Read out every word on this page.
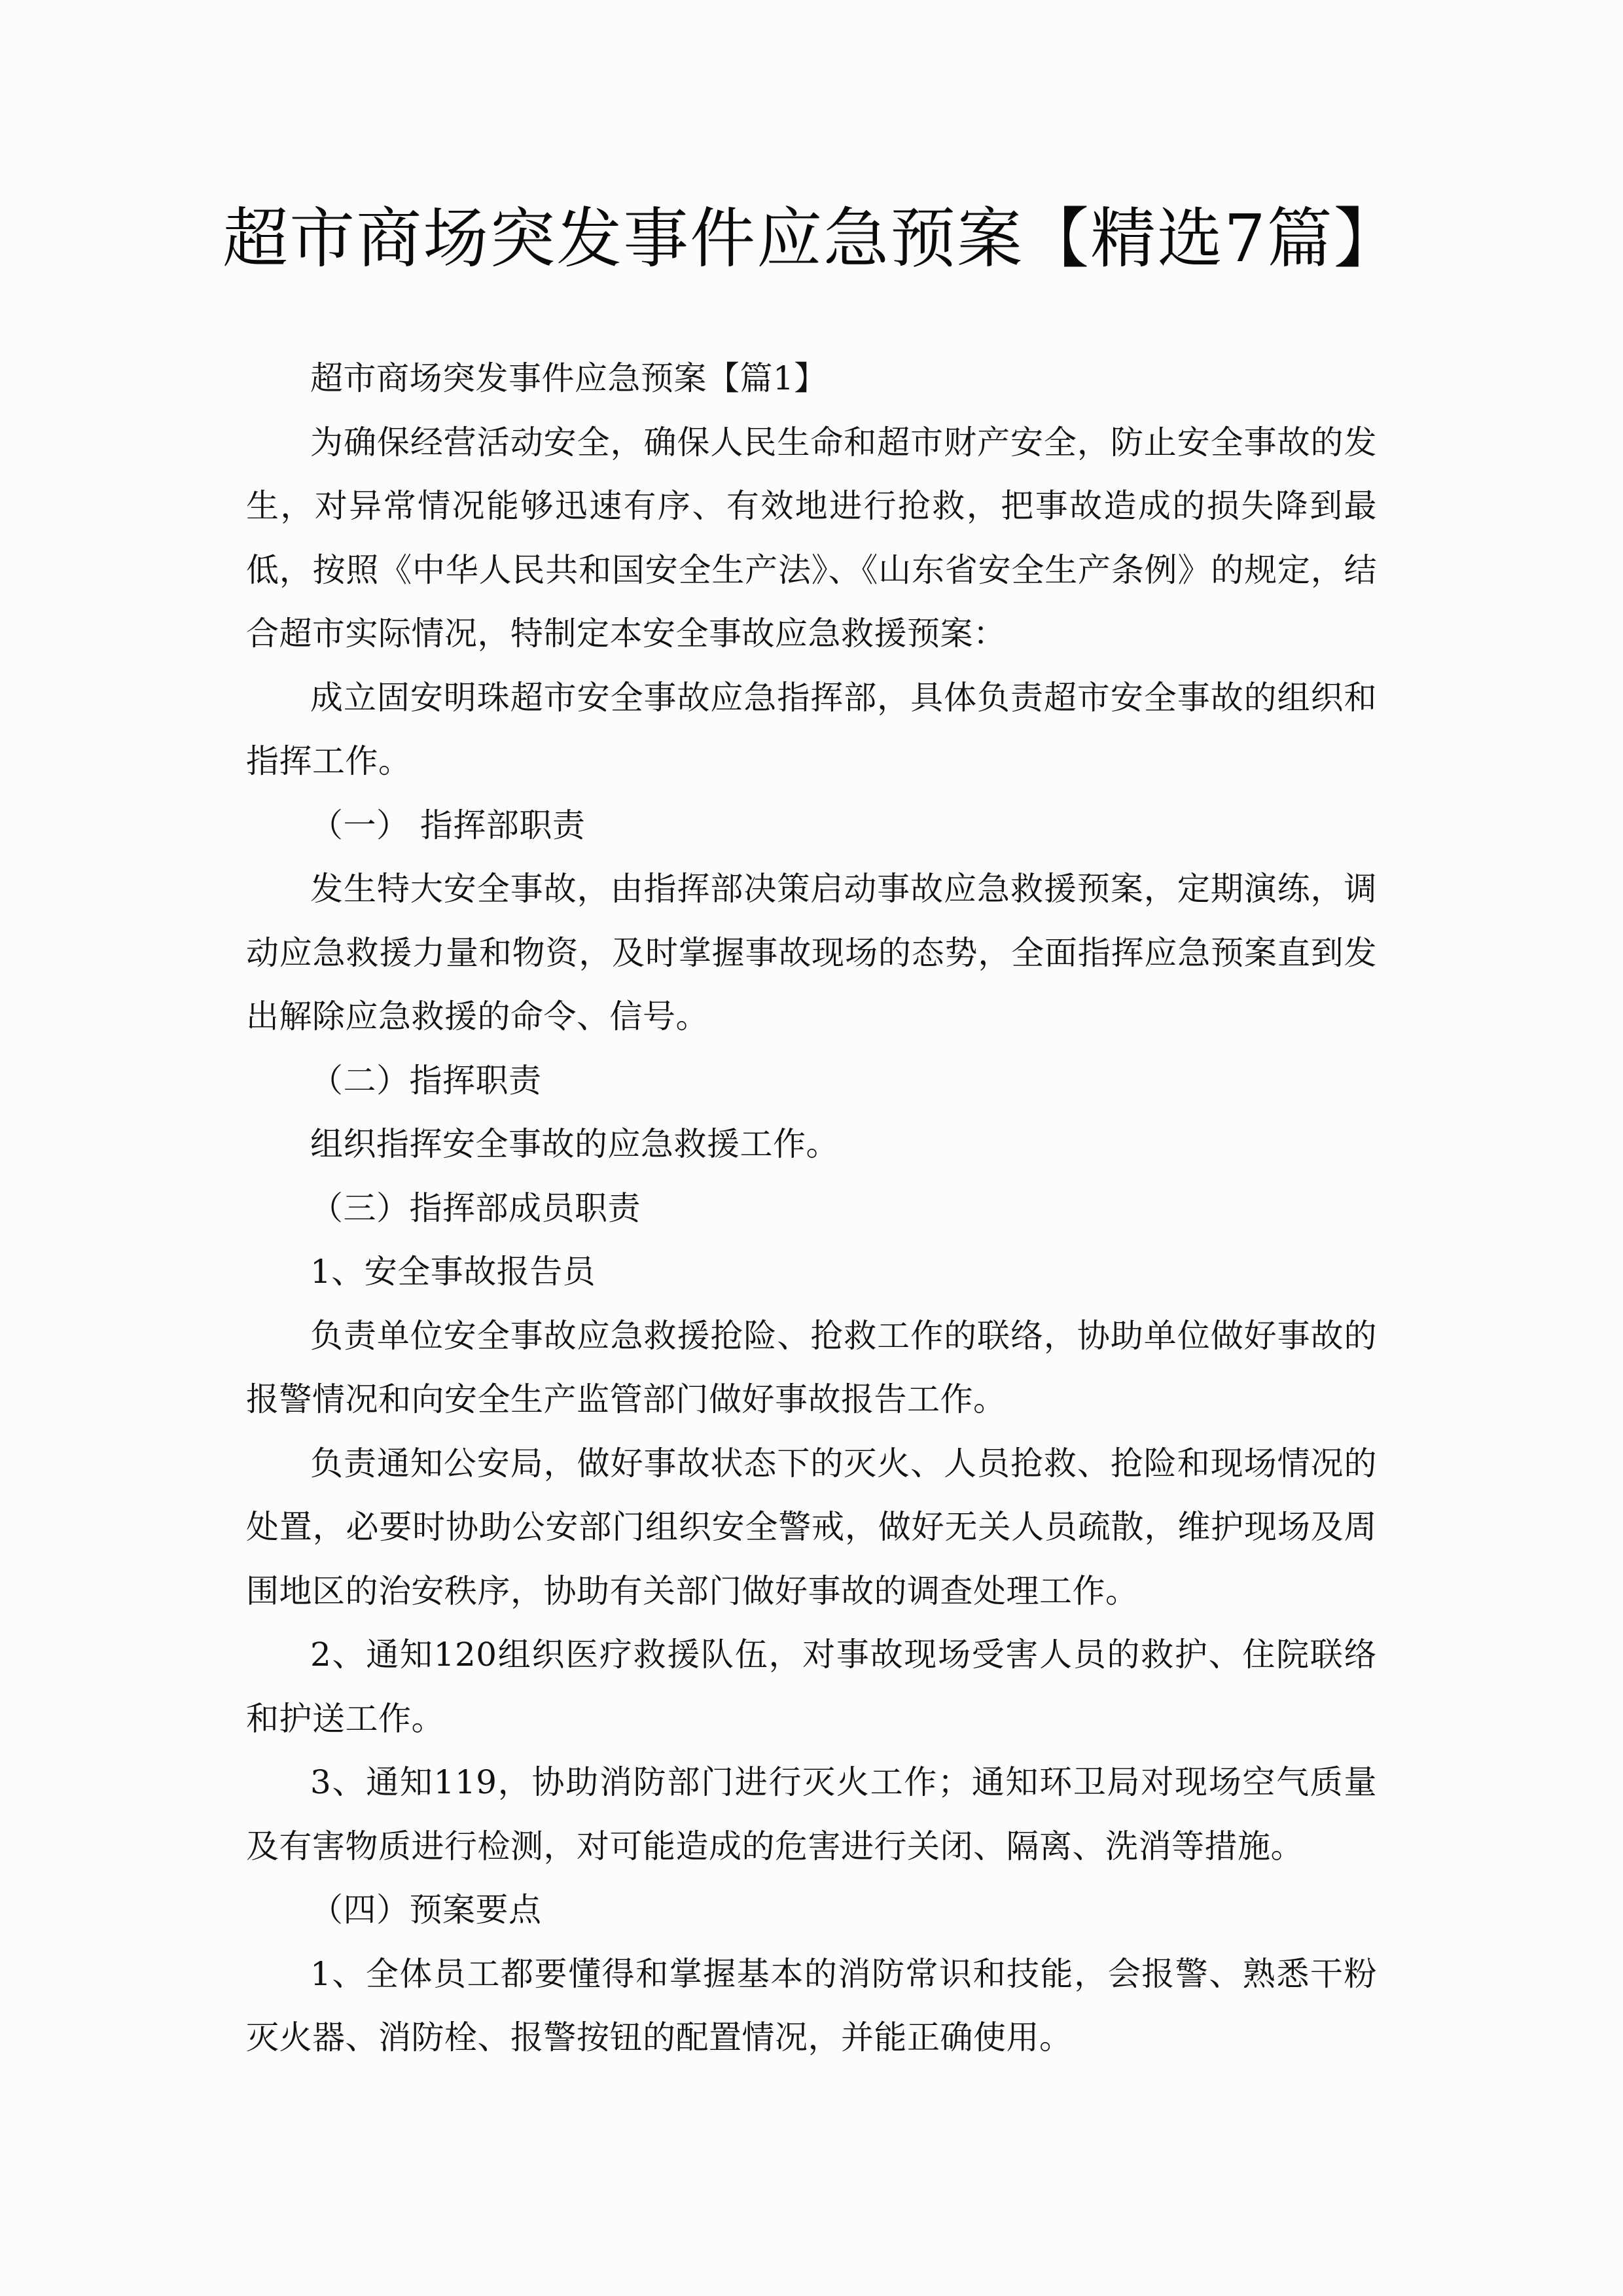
超市商场突发事件应急预案【精选7篇】

超市商场突发事件应急预案【篇1】

为确保经营活动安全，确保人民生命和超市财产安全，防止安全事故的发生，对异常情况能够迅速有序、有效地进行抢救，把事故造成的损失降到最低，按照《中华人民共和国安全生产法》、《山东省安全生产条例》的规定，结合超市实际情况，特制定本安全事故应急救援预案：

成立固安明珠超市安全事故应急指挥部，具体负责超市安全事故的组织和指挥工作。

（一） 指挥部职责

发生特大安全事故，由指挥部决策启动事故应急救援预案，定期演练，调动应急救援力量和物资，及时掌握事故现场的态势，全面指挥应急预案直到发出解除应急救援的命令、信号。

（二）指挥职责

组织指挥安全事故的应急救援工作。

（三）指挥部成员职责

1、安全事故报告员

负责单位安全事故应急救援抢险、抢救工作的联络，协助单位做好事故的报警情况和向安全生产监管部门做好事故报告工作。

负责通知公安局，做好事故状态下的灭火、人员抢救、抢险和现场情况的处置，必要时协助公安部门组织安全警戒，做好无关人员疏散，维护现场及周围地区的治安秩序，协助有关部门做好事故的调查处理工作。

2、通知120组织医疗救援队伍，对事故现场受害人员的救护、住院联络和护送工作。

3、通知119，协助消防部门进行灭火工作；通知环卫局对现场空气质量及有害物质进行检测，对可能造成的危害进行关闭、隔离、洗消等措施。

（四）预案要点

1、全体员工都要懂得和掌握基本的消防常识和技能，会报警、熟悉干粉灭火器、消防栓、报警按钮的配置情况，并能正确使用。
